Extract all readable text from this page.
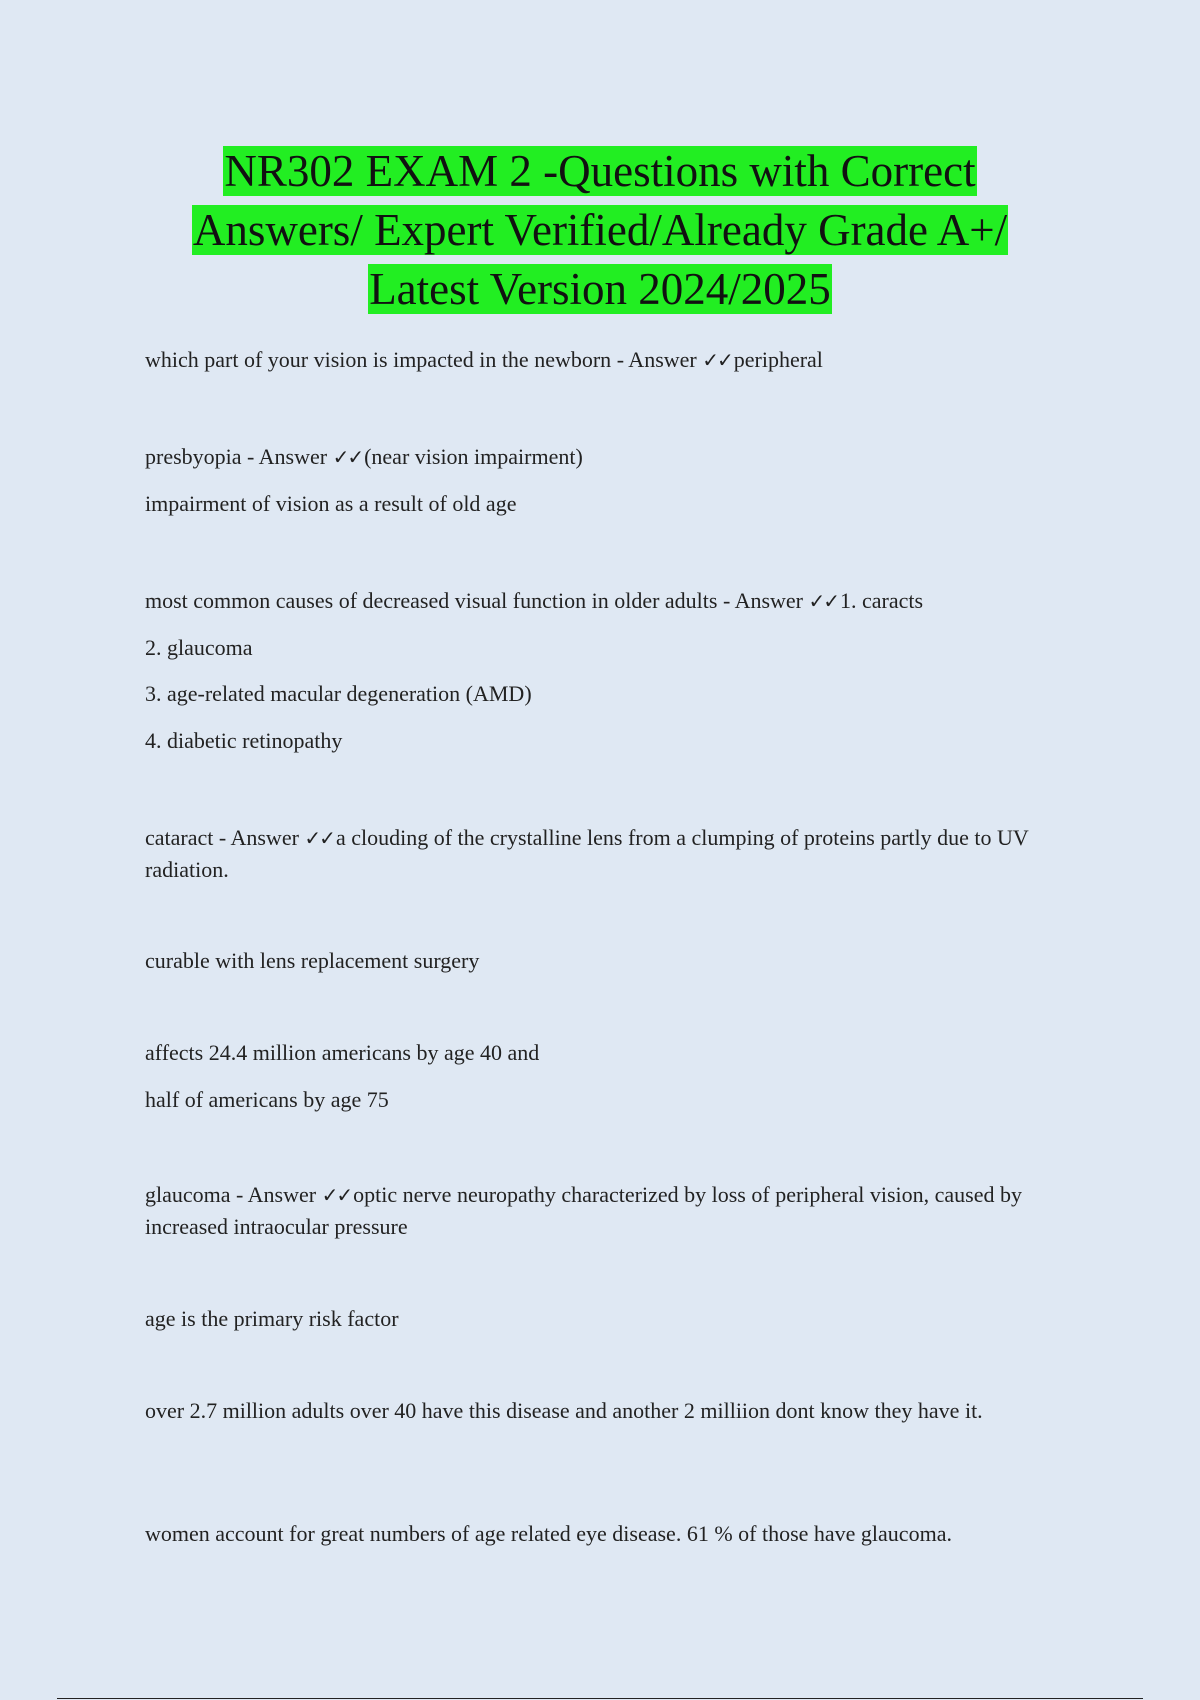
NR302 EXAM 2 -Questions with Correct
Answers/ Expert Verified/Already Grade A+/
Latest Version 2024/2025

which part of your vision is impacted in the newborn - Answer ✓✓peripheral

presbyopia - Answer ✓✓(near vision impairment)

impairment of vision as a result of old age

most common causes of decreased visual function in older adults - Answer ✓✓1. caracts

2. glaucoma

3. age-related macular degeneration (AMD)

4. diabetic retinopathy

cataract - Answer ✓✓a clouding of the crystalline lens from a clumping of proteins partly due to UV radiation.

curable with lens replacement surgery

affects 24.4 million americans by age 40 and

half of americans by age 75

glaucoma - Answer ✓✓optic nerve neuropathy characterized by loss of peripheral vision, caused by increased intraocular pressure

age is the primary risk factor

over 2.7 million adults over 40 have this disease and another 2 milliion dont know they have it.

women account for great numbers of age related eye disease. 61 % of those have glaucoma.
